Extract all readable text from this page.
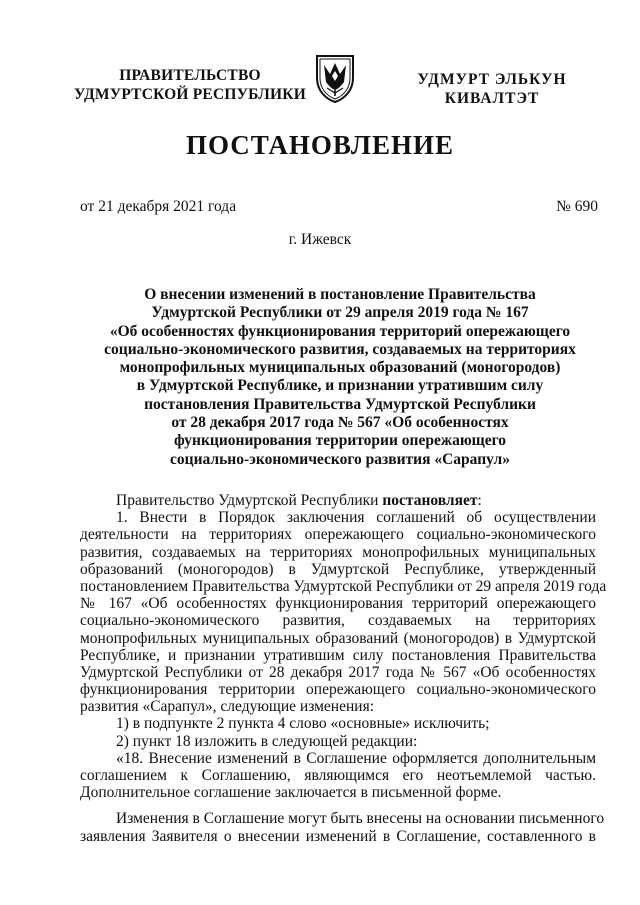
ПРАВИТЕЛЬСТВО
УДМУРТСКОЙ РЕСПУБЛИКИ
УДМУРТ ЭЛЬКУН
КИВАЛТЭТ
ПОСТАНОВЛЕНИЕ
от 21 декабря 2021 года	№ 690
г. Ижевск
О внесении изменений в постановление Правительства
Удмуртской Республики от 29 апреля 2019 года № 167
«Об особенностях функционирования территорий опережающего
социально-экономического развития, создаваемых на территориях
монопрофильных муниципальных образований (моногородов)
в Удмуртской Республике, и признании утратившим силу
постановления Правительства Удмуртской Республики
от 28 декабря 2017 года № 567 «Об особенностях
функционирования территории опережающего
социально-экономического развития «Сарапул»
Правительство Удмуртской Республики постановляет:
1. Внести в Порядок заключения соглашений об осуществлении
деятельности на территориях опережающего социально-экономического
развития, создаваемых на территориях монопрофильных муниципальных
образований (моногородов) в Удмуртской Республике, утвержденный
постановлением Правительства Удмуртской Республики от 29 апреля 2019 года
№ 167 «Об особенностях функционирования территорий опережающего
социально-экономического развития, создаваемых на территориях
монопрофильных муниципальных образований (моногородов) в Удмуртской
Республике, и признании утратившим силу постановления Правительства
Удмуртской Республики от 28 декабря 2017 года № 567 «Об особенностях
функционирования территории опережающего социально-экономического
развития «Сарапул», следующие изменения:
1) в подпункте 2 пункта 4 слово «основные» исключить;
2) пункт 18 изложить в следующей редакции:
«18. Внесение изменений в Соглашение оформляется дополнительным
соглашением к Соглашению, являющимся его неотъемлемой частью.
Дополнительное соглашение заключается в письменной форме.
Изменения в Соглашение могут быть внесены на основании письменного
заявления Заявителя о внесении изменений в Соглашение, составленного в
